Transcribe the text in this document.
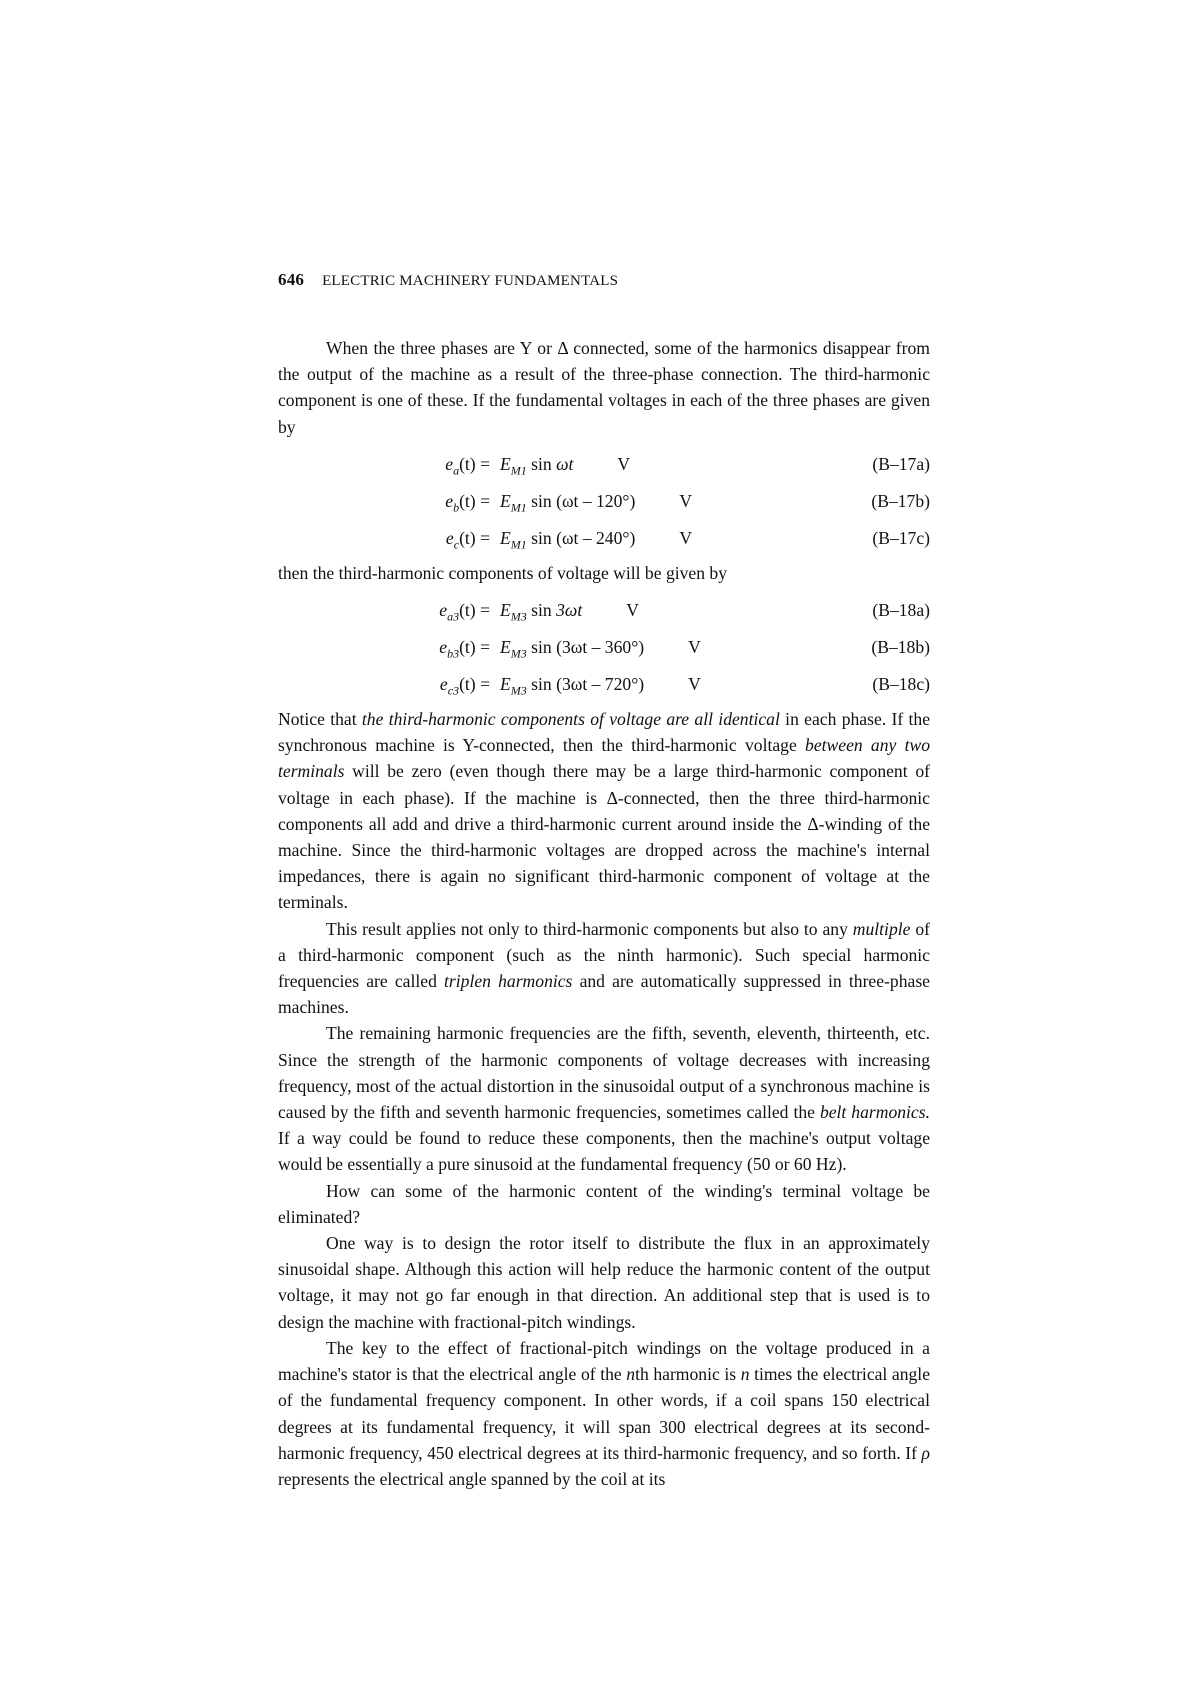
646 ELECTRIC MACHINERY FUNDAMENTALS

When the three phases are Y or Δ connected, some of the harmonics disappear from the output of the machine as a result of the three-phase connection. The third-harmonic component is one of these. If the fundamental voltages in each of the three phases are given by

$e_a(t) = E_{M1}$ sin ωt	V	(B–17a)
$e_b(t) = E_{M1}$ sin (ωt – 120°)	V	(B–17b)
$e_c(t) = E_{M1}$ sin (ωt – 240°)	V	(B–17c)

then the third-harmonic components of voltage will be given by

$e_{a3}(t) = E_{M3}$ sin 3ωt	V	(B–18a)
$e_{b3}(t) = E_{M3}$ sin (3ωt – 360°)	V	(B–18b)
$e_{c3}(t) = E_{M3}$ sin (3ωt – 720°)	V	(B–18c)

Notice that the third-harmonic components of voltage are all identical in each phase. If the synchronous machine is Y-connected, then the third-harmonic voltage between any two terminals will be zero (even though there may be a large third-harmonic component of voltage in each phase). If the machine is Δ-connected, then the three third-harmonic components all add and drive a third-harmonic current around inside the Δ-winding of the machine. Since the third-harmonic voltages are dropped across the machine's internal impedances, there is again no significant third-harmonic component of voltage at the terminals.

This result applies not only to third-harmonic components but also to any multiple of a third-harmonic component (such as the ninth harmonic). Such special harmonic frequencies are called triplen harmonics and are automatically suppressed in three-phase machines.

The remaining harmonic frequencies are the fifth, seventh, eleventh, thirteenth, etc. Since the strength of the harmonic components of voltage decreases with increasing frequency, most of the actual distortion in the sinusoidal output of a synchronous machine is caused by the fifth and seventh harmonic frequencies, sometimes called the belt harmonics. If a way could be found to reduce these components, then the machine's output voltage would be essentially a pure sinusoid at the fundamental frequency (50 or 60 Hz).

How can some of the harmonic content of the winding's terminal voltage be eliminated?

One way is to design the rotor itself to distribute the flux in an approximately sinusoidal shape. Although this action will help reduce the harmonic content of the output voltage, it may not go far enough in that direction. An additional step that is used is to design the machine with fractional-pitch windings.

The key to the effect of fractional-pitch windings on the voltage produced in a machine's stator is that the electrical angle of the nth harmonic is n times the electrical angle of the fundamental frequency component. In other words, if a coil spans 150 electrical degrees at its fundamental frequency, it will span 300 electrical degrees at its second-harmonic frequency, 450 electrical degrees at its third-harmonic frequency, and so forth. If ρ represents the electrical angle spanned by the coil at its
